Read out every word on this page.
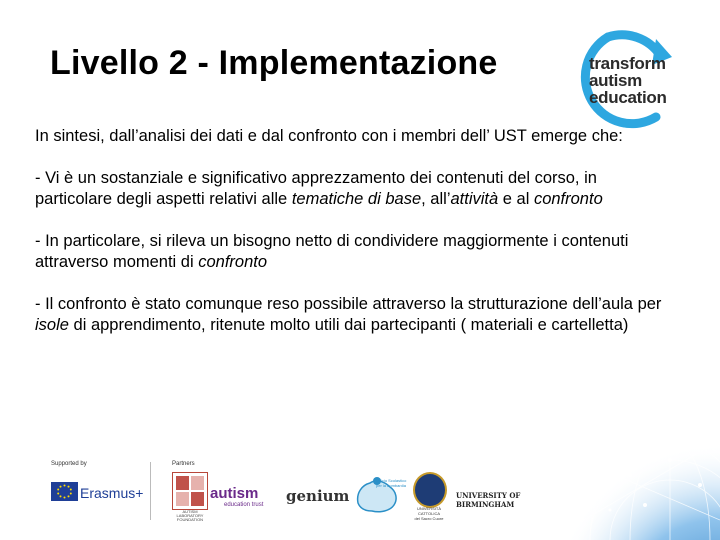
Livello 2 - Implementazione	transform
autism
education

In sintesi, dall’analisi dei dati e dal confronto con i membri dell’ UST emerge che:

- Vi è un sostanziale e significativo apprezzamento dei contenuti del corso, in particolare degli aspetti relativi alle tematiche di base, all’attività e al confronto

- In particolare, si rileva un bisogno netto di condividere maggiormente i contenuti attraverso momenti di confronto

- Il confronto è stato comunque reso possibile attraverso la strutturazione dell’aula per isole di apprendimento, ritenute molto utili dai partecipanti ( materiali e cartelletta)

Supported by	Partners
Erasmus+
AUTISM
LABORATORY
FOUNDATION
autism
education trust genium
Ufficio Scolastico
per la Lombardia
UNIVERSITÀ
CATTOLICA
del Sacro Cuore
UNIVERSITY OF
BIRMINGHAM
